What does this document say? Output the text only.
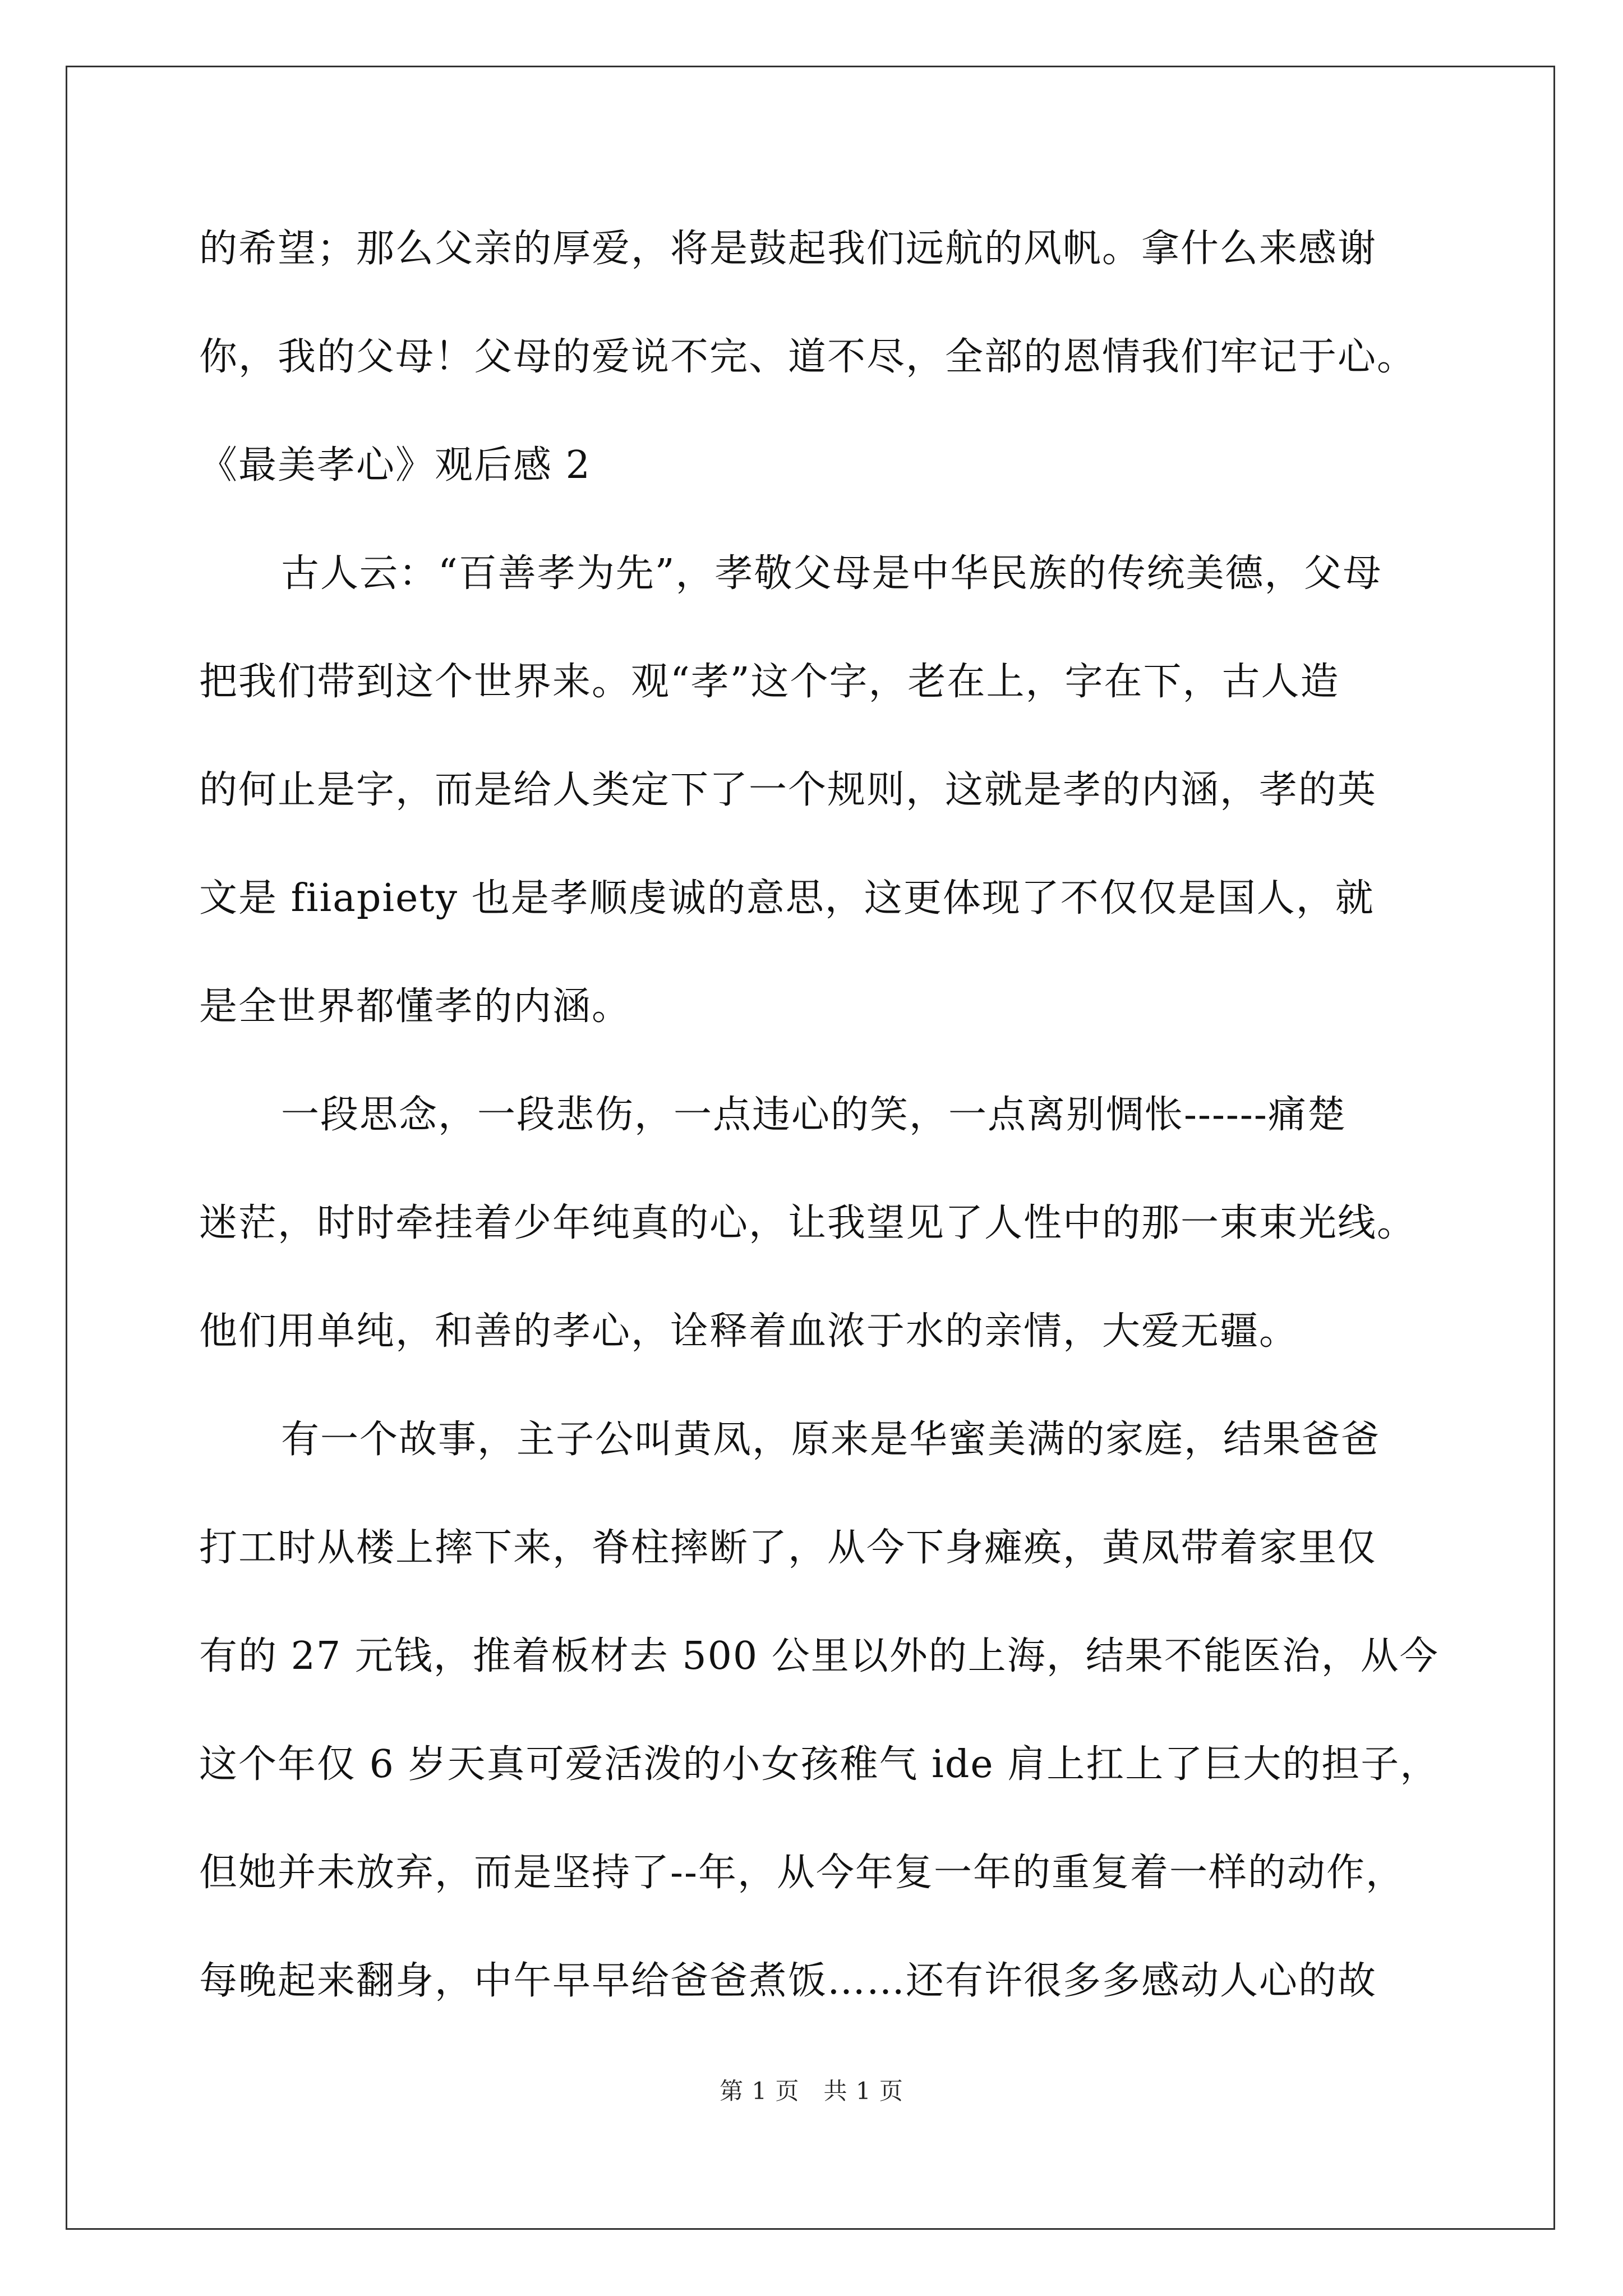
的希望；那么父亲的厚爱，将是鼓起我们远航的风帆。拿什么来感谢
你，我的父母！父母的爱说不完、道不尽，全部的恩情我们牢记于心。
《最美孝心》观后感 2
古人云：“百善孝为先”，孝敬父母是中华民族的传统美德，父母
把我们带到这个世界来。观“孝”这个字，老在上，字在下，古人造
的何止是字，而是给人类定下了一个规则，这就是孝的内涵，孝的英
文是 fiiapiety 也是孝顺虔诚的意思，这更体现了不仅仅是国人，就
是全世界都懂孝的内涵。
一段思念，一段悲伤，一点违心的笑，一点离别惆怅------痛楚
迷茫，时时牵挂着少年纯真的心，让我望见了人性中的那一束束光线。
他们用单纯，和善的孝心，诠释着血浓于水的亲情，大爱无疆。
有一个故事，主子公叫黄凤，原来是华蜜美满的家庭，结果爸爸
打工时从楼上摔下来，脊柱摔断了，从今下身瘫痪，黄凤带着家里仅
有的 27 元钱，推着板材去 500 公里以外的上海，结果不能医治，从今
这个年仅 6 岁天真可爱活泼的小女孩稚气 ide 肩上扛上了巨大的担子，
但她并未放弃，而是坚持了--年，从今年复一年的重复着一样的动作，
每晚起来翻身，中午早早给爸爸煮饭……还有许很多多感动人心的故
第 1 页　共 1 页
